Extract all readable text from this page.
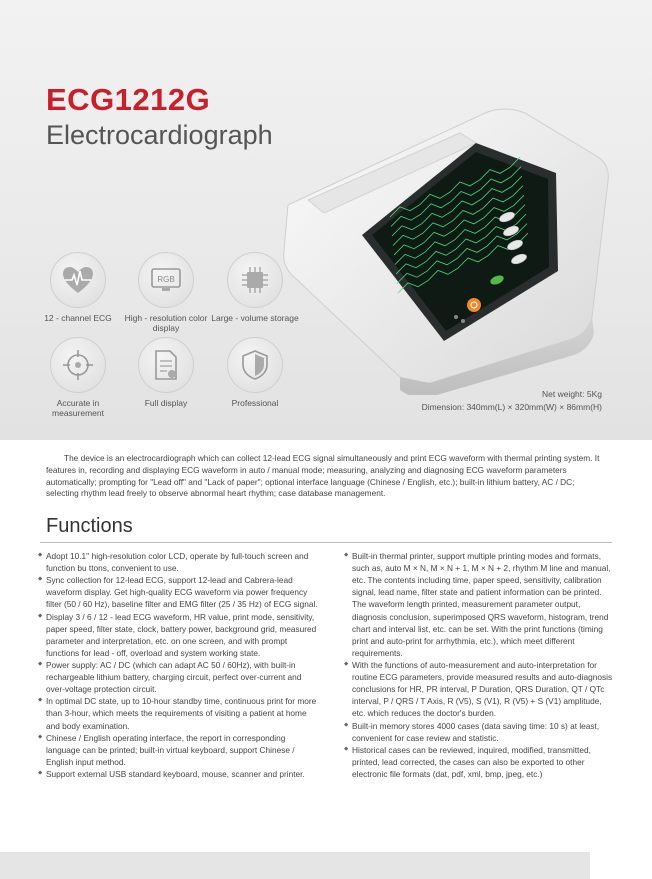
ECG1212G
Electrocardiograph
12 - channel ECG
RGB
High - resolution color display
Large - volume storage
Accurate in measurement
Full display	Professional
Net weight: 5Kg
Dimension: 340mm(L) × 320mm(W) × 86mm(H)

The device is an electrocardiograph which can collect 12-lead ECG signal simultaneously and print ECG waveform with thermal printing system. It features in, recording and displaying ECG waveform in auto / manual mode; measuring, analyzing and diagnosing ECG waveform parameters automatically; prompting for "Lead off" and "Lack of paper"; optional interface language (Chinese / English, etc.); built-in lithium battery, AC / DC; selecting rhythm lead freely to observe abnormal heart rhythm; case database management.

Functions
◆ Adopt 10.1'' high-resolution color LCD, operate by full-touch screen and function bu ttons, convenient to use.
◆ Sync collection for 12-lead ECG, support 12-lead and Cabrera-lead waveform display. Get high-quality ECG waveform via power frequency filter (50 / 60 Hz), baseline filter and EMG filter (25 / 35 Hz) of ECG signal.
◆ Display 3 / 6 / 12 - lead ECG waveform, HR value, print mode, sensitivity, paper speed, filter state, clock, battery power, background grid, measured parameter and interpretation, etc. on one screen, and with prompt functions for lead - off, overload and system working state.
◆ Power supply: AC / DC (which can adapt AC 50 / 60Hz), with built-in rechargeable lithium battery, charging circuit, perfect over-current and over-voltage protection circuit.
◆ In optimal DC state, up to 10-hour standby time, continuous print for more than 3-hour, which meets the requirements of visiting a patient at home and body examination.
◆ Chinese / English operating interface, the report in corresponding language can be printed; built-in virtual keyboard, support Chinese / English input method.
◆ Support external USB standard keyboard, mouse, scanner and printer.
◆ Built-in thermal printer, support multiple printing modes and formats, such as, auto M × N, M × N + 1, M × N + 2, rhythm M line and manual, etc. The contents including time, paper speed, sensitivity, calibration signal, lead name, filter state and patient information can be printed. The waveform length printed, measurement parameter output, diagnosis conclusion, superimposed QRS waveform, histogram, trend chart and interval list, etc. can be set. With the print functions (timing print and auto-print for arrhythmia, etc.), which meet different requirements.
◆ With the functions of auto-measurement and auto-interpretation for routine ECG parameters, provide measured results and auto-diagnosis conclusions for HR, PR interval, P Duration, QRS Duration, QT / QTc interval, P / QRS / T Axis, R (V5), S (V1), R (V5) + S (V1) amplitude, etc. which reduces the doctor's burden.
◆ Built-in memory stores 4000 cases (data saving time: 10 s) at least, convenient for case review and statistic.
◆ Historical cases can be reviewed, inquired, modified, transmitted, printed, lead corrected, the cases can also be exported to other electronic file formats (dat, pdf, xml, bmp, jpeg, etc.)
